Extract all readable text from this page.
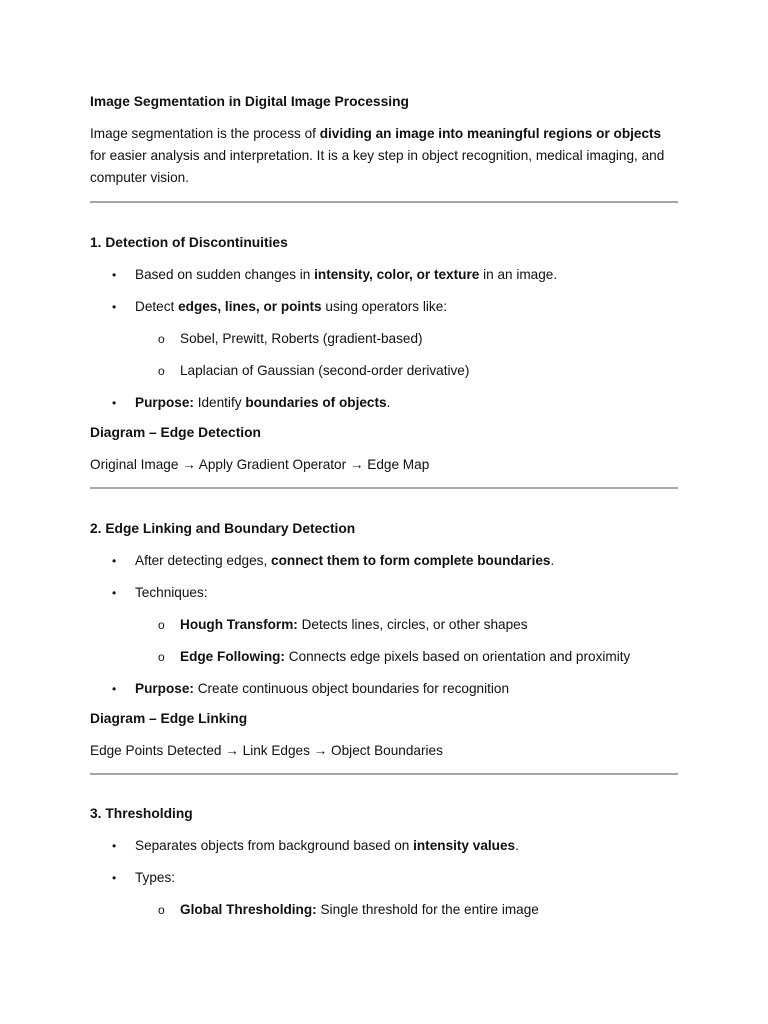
Image Segmentation in Digital Image Processing

Image segmentation is the process of dividing an image into meaningful regions or objects for easier analysis and interpretation. It is a key step in object recognition, medical imaging, and computer vision.

1. Detection of Discontinuities

• Based on sudden changes in intensity, color, or texture in an image.
• Detect edges, lines, or points using operators like:
o Sobel, Prewitt, Roberts (gradient-based)
o Laplacian of Gaussian (second-order derivative)
• Purpose: Identify boundaries of objects.

Diagram – Edge Detection

Original Image → Apply Gradient Operator → Edge Map

2. Edge Linking and Boundary Detection

• After detecting edges, connect them to form complete boundaries.
• Techniques:
o Hough Transform: Detects lines, circles, or other shapes
o Edge Following: Connects edge pixels based on orientation and proximity
• Purpose: Create continuous object boundaries for recognition

Diagram – Edge Linking

Edge Points Detected → Link Edges → Object Boundaries

3. Thresholding

• Separates objects from background based on intensity values.
• Types:
o Global Thresholding: Single threshold for the entire image
